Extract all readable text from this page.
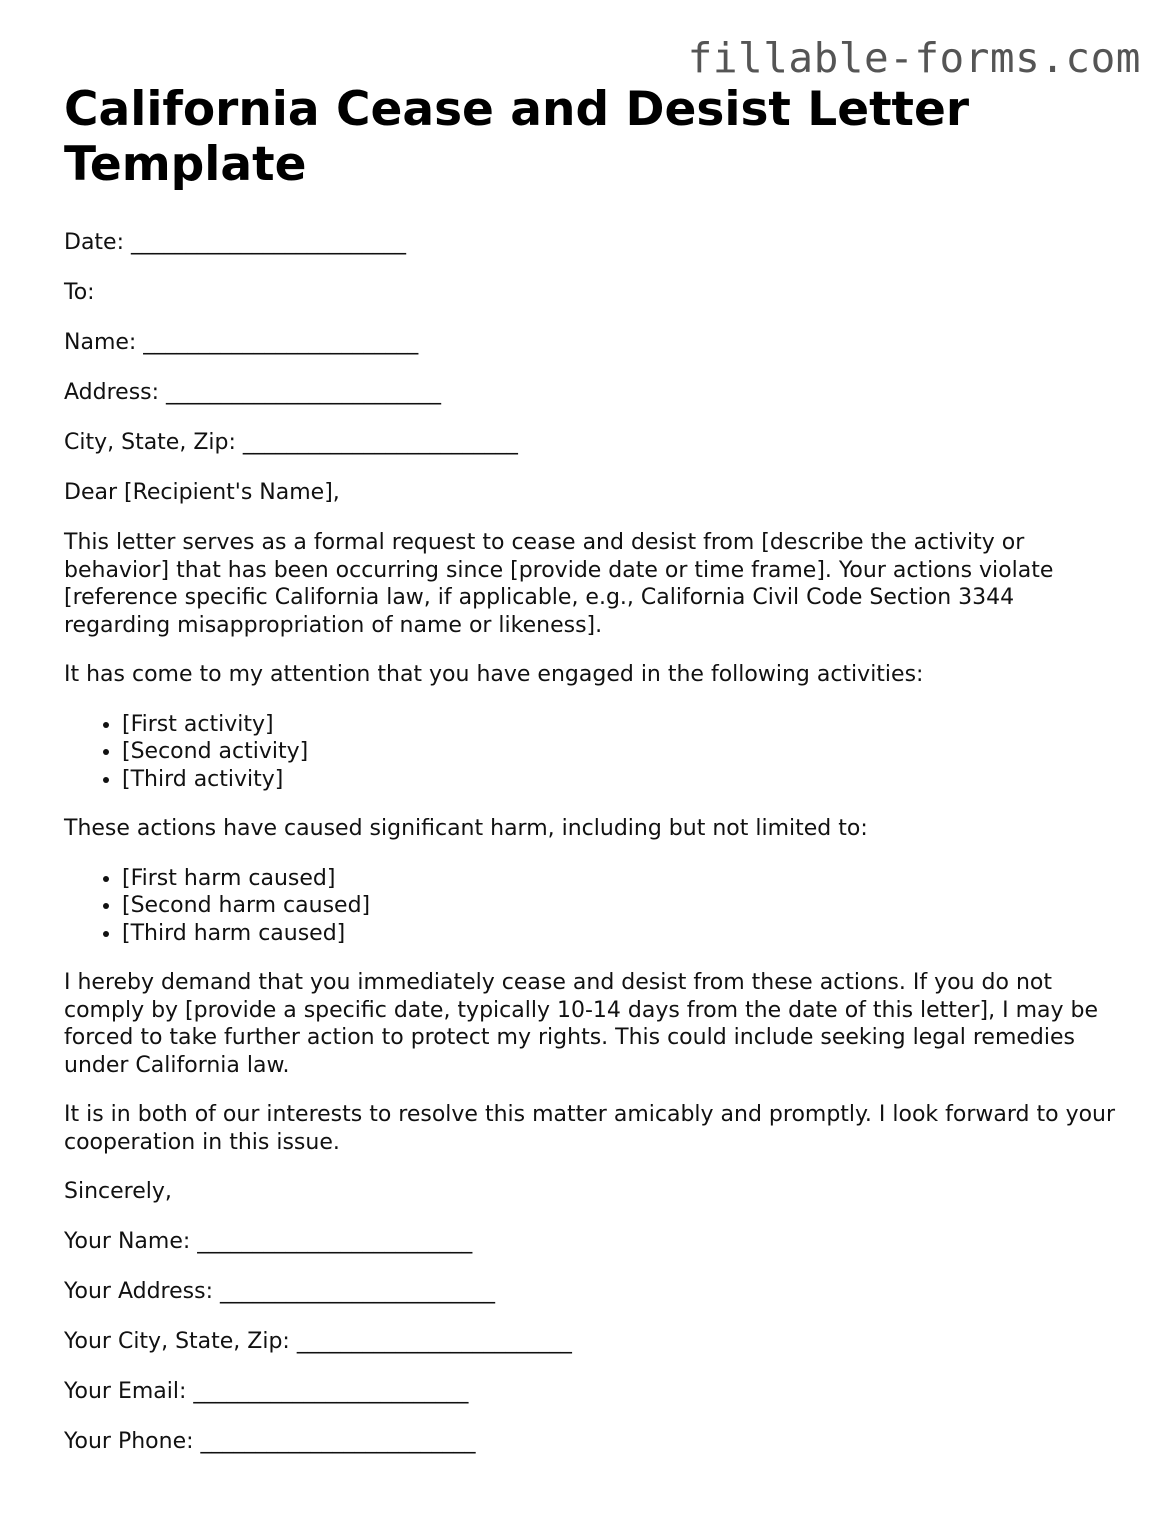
fillable-forms.com
California Cease and Desist Letter Template
Date: _________________________
To:
Name: _________________________
Address: _________________________
City, State, Zip: _________________________
Dear [Recipient's Name],

This letter serves as a formal request to cease and desist from [describe the activity or behavior] that has been occurring since [provide date or time frame]. Your actions violate [reference specific California law, if applicable, e.g., California Civil Code Section 3344 regarding misappropriation of name or likeness].

It has come to my attention that you have engaged in the following activities:

• [First activity]
• [Second activity]
• [Third activity]

These actions have caused significant harm, including but not limited to:

• [First harm caused]
• [Second harm caused]
• [Third harm caused]

I hereby demand that you immediately cease and desist from these actions. If you do not comply by [provide a specific date, typically 10-14 days from the date of this letter], I may be forced to take further action to protect my rights. This could include seeking legal remedies under California law.

It is in both of our interests to resolve this matter amicably and promptly. I look forward to your cooperation in this issue.

Sincerely,
Your Name: _________________________
Your Address: _________________________
Your City, State, Zip: _________________________
Your Email: _________________________
Your Phone: _________________________
